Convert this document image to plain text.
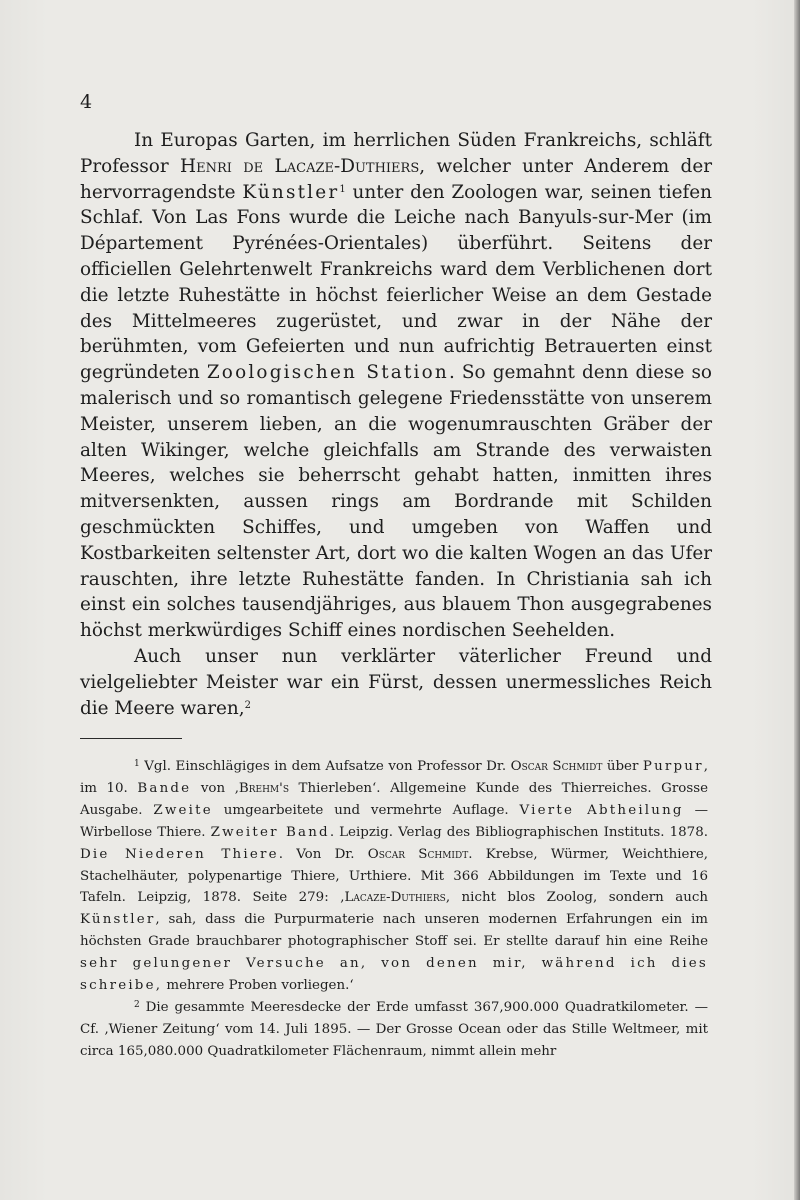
4

In Europas Garten, im herrlichen Süden Frankreichs, schläft Professor Henri de Lacaze-Duthiers, welcher unter Anderem der hervorragendste Künstler$^1$ unter den Zoologen war, seinen tiefen Schlaf. Von Las Fons wurde die Leiche nach Banyuls-sur-Mer (im Département Pyrénées-Orientales) überführt. Seitens der officiellen Gelehrtenwelt Frankreichs ward dem Verblichenen dort die letzte Ruhestätte in höchst feierlicher Weise an dem Gestade des Mittelmeeres zugerüstet, und zwar in der Nähe der berühmten, vom Gefeierten und nun aufrichtig Betrauerten einst gegründeten Zoologischen Station. So gemahnt denn diese so malerisch und so romantisch gelegene Friedensstätte von unserem Meister, unserem lieben, an die wogenumrauschten Gräber der alten Wikinger, welche gleichfalls am Strande des verwaisten Meeres, welches sie beherrscht gehabt hatten, inmitten ihres mitversenkten, aussen rings am Bordrande mit Schilden geschmückten Schiffes, und umgeben von Waffen und Kostbarkeiten seltenster Art, dort wo die kalten Wogen an das Ufer rauschten, ihre letzte Ruhestätte fanden. In Christiania sah ich einst ein solches tausendjähriges, aus blauem Thon ausgegrabenes höchst merkwürdiges Schiff eines nordischen Seehelden.

Auch unser nun verklärter väterlicher Freund und vielgeliebter Meister war ein Fürst, dessen unermessliches Reich die Meere waren,$^2$

$^1$ Vgl. Einschlägiges in dem Aufsatze von Professor Dr. Oscar Schmidt über Purpur, im 10. Bande von ‚Brehm's Thierleben‘. Allgemeine Kunde des Thierreiches. Grosse Ausgabe. Zweite umgearbeitete und vermehrte Auflage. Vierte Abtheilung — Wirbellose Thiere. Zweiter Band. Leipzig. Verlag des Bibliographischen Instituts. 1878. Die Niederen Thiere. Von Dr. Oscar Schmidt. Krebse, Würmer, Weichthiere, Stachelhäuter, polypenartige Thiere, Urthiere. Mit 366 Abbildungen im Texte und 16 Tafeln. Leipzig, 1878. Seite 279: ‚Lacaze-Duthiers, nicht blos Zoolog, sondern auch Künstler, sah, dass die Purpurmaterie nach unseren modernen Erfahrungen ein im höchsten Grade brauchbarer photographischer Stoff sei. Er stellte darauf hin eine Reihe sehr gelungener Versuche an, von denen mir, während ich dies schreibe, mehrere Proben vorliegen.‘

$^2$ Die gesammte Meeresdecke der Erde umfasst 367,900.000 Quadratkilometer. — Cf. ‚Wiener Zeitung‘ vom 14. Juli 1895. — Der Grosse Ocean oder das Stille Weltmeer, mit circa 165,080.000 Quadratkilometer Flächenraum, nimmt allein mehr
